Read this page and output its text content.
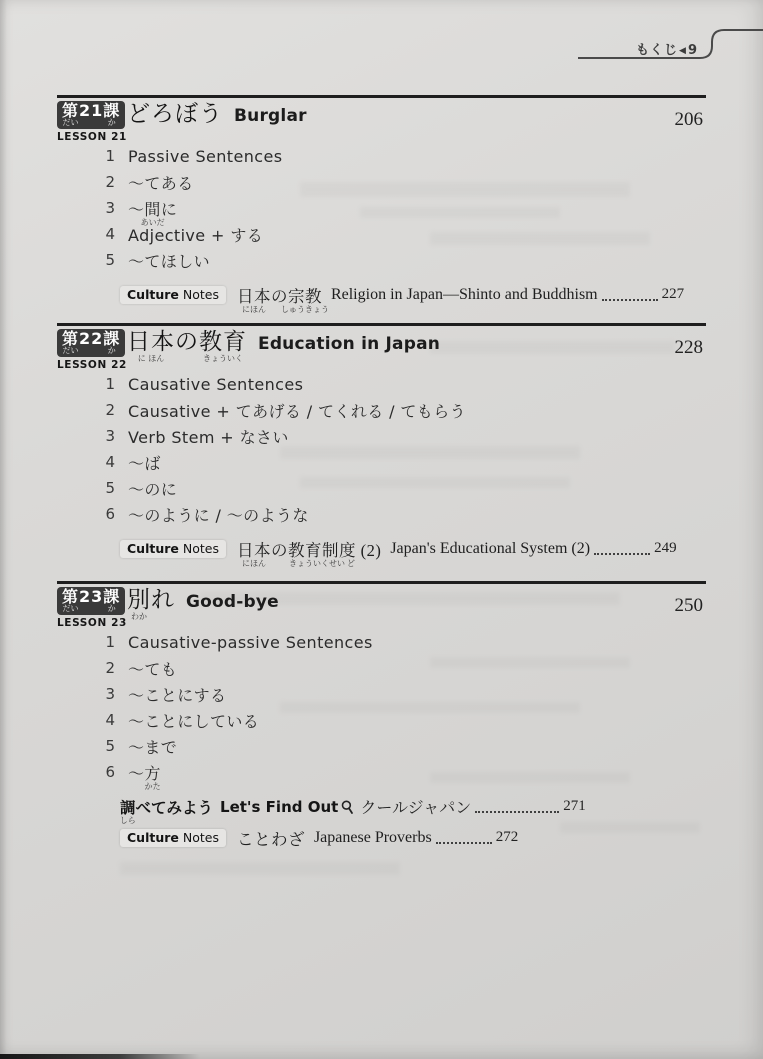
もくじ◀9
第
だい
21課
か
LESSON 21
どろぼう Burglar	206
1 Passive Sentences
2 〜てある
3 〜間
あいだ
に
4 Adjective + する
5 〜てほしい
Culture Notes	日本
にほん
の宗教
しゅうきょう
Religion in Japan—Shinto and Buddhism	227
第
だい
22課
か
LESSON 22
日本
に ほん
の教育
きょういく
Education in Japan	228
1 Causative Sentences
2 Causative + てあげる / てくれる / てもらう
3 Verb Stem + なさい
4 〜ば
5 〜のに
6 〜のように / 〜のような
Culture Notes	日本
にほん
の教育制度
きょういくせい ど
(2) Japan's Educational System (2)	249
第
だい
23課
か
LESSON 23
別
わか
れ Good-bye	250
1 Causative-passive Sentences
2 〜ても
3 〜ことにする
4 〜ことにしている
5 〜まで
6 〜方
かた
調
しら
べてみよう Let's Find Out クールジャパン	271
Culture Notes	ことわざ Japanese Proverbs	272
